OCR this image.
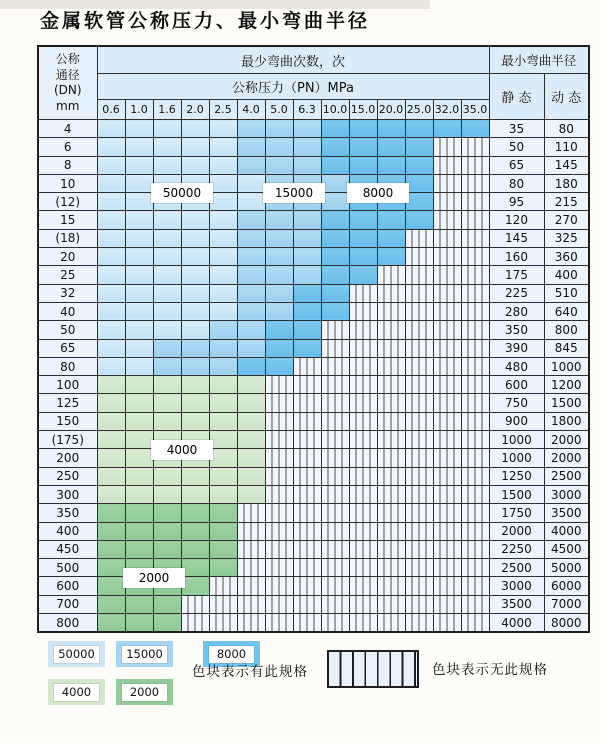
金属软管公称压力、最小弯曲半径
公称
通径
(DN)
mm	最少弯曲次数，次														最小弯曲半径	
	公称压力（PN）MPa														静 态	动 态
	0.6	1.0	1.6	2.0	2.5	4.0	5.0	6.3	10.0	15.0	20.0	25.0	32.0	35.0		
4															35	80
6															50	110
8															65	145
10															80	180
(12)															95	215
15															120	270
(18)															145	325
20															160	360
25															175	400
32															225	510
40															280	640
50															350	800
65															390	845
80															480	1000
100															600	1200
125															750	1500
150															900	1800
(175)															1000	2000
200															1000	2000
250															1250	2500
300															1500	3000
350															1750	3500
400															2000	4000
450															2250	4500
500															2500	5000
600															3000	6000
700															3500	7000
800															4000	8000
50000	15000	8000
4000
2000
50000	15000	8000
4000	2000
色块表示有此规格	色块表示无此规格
